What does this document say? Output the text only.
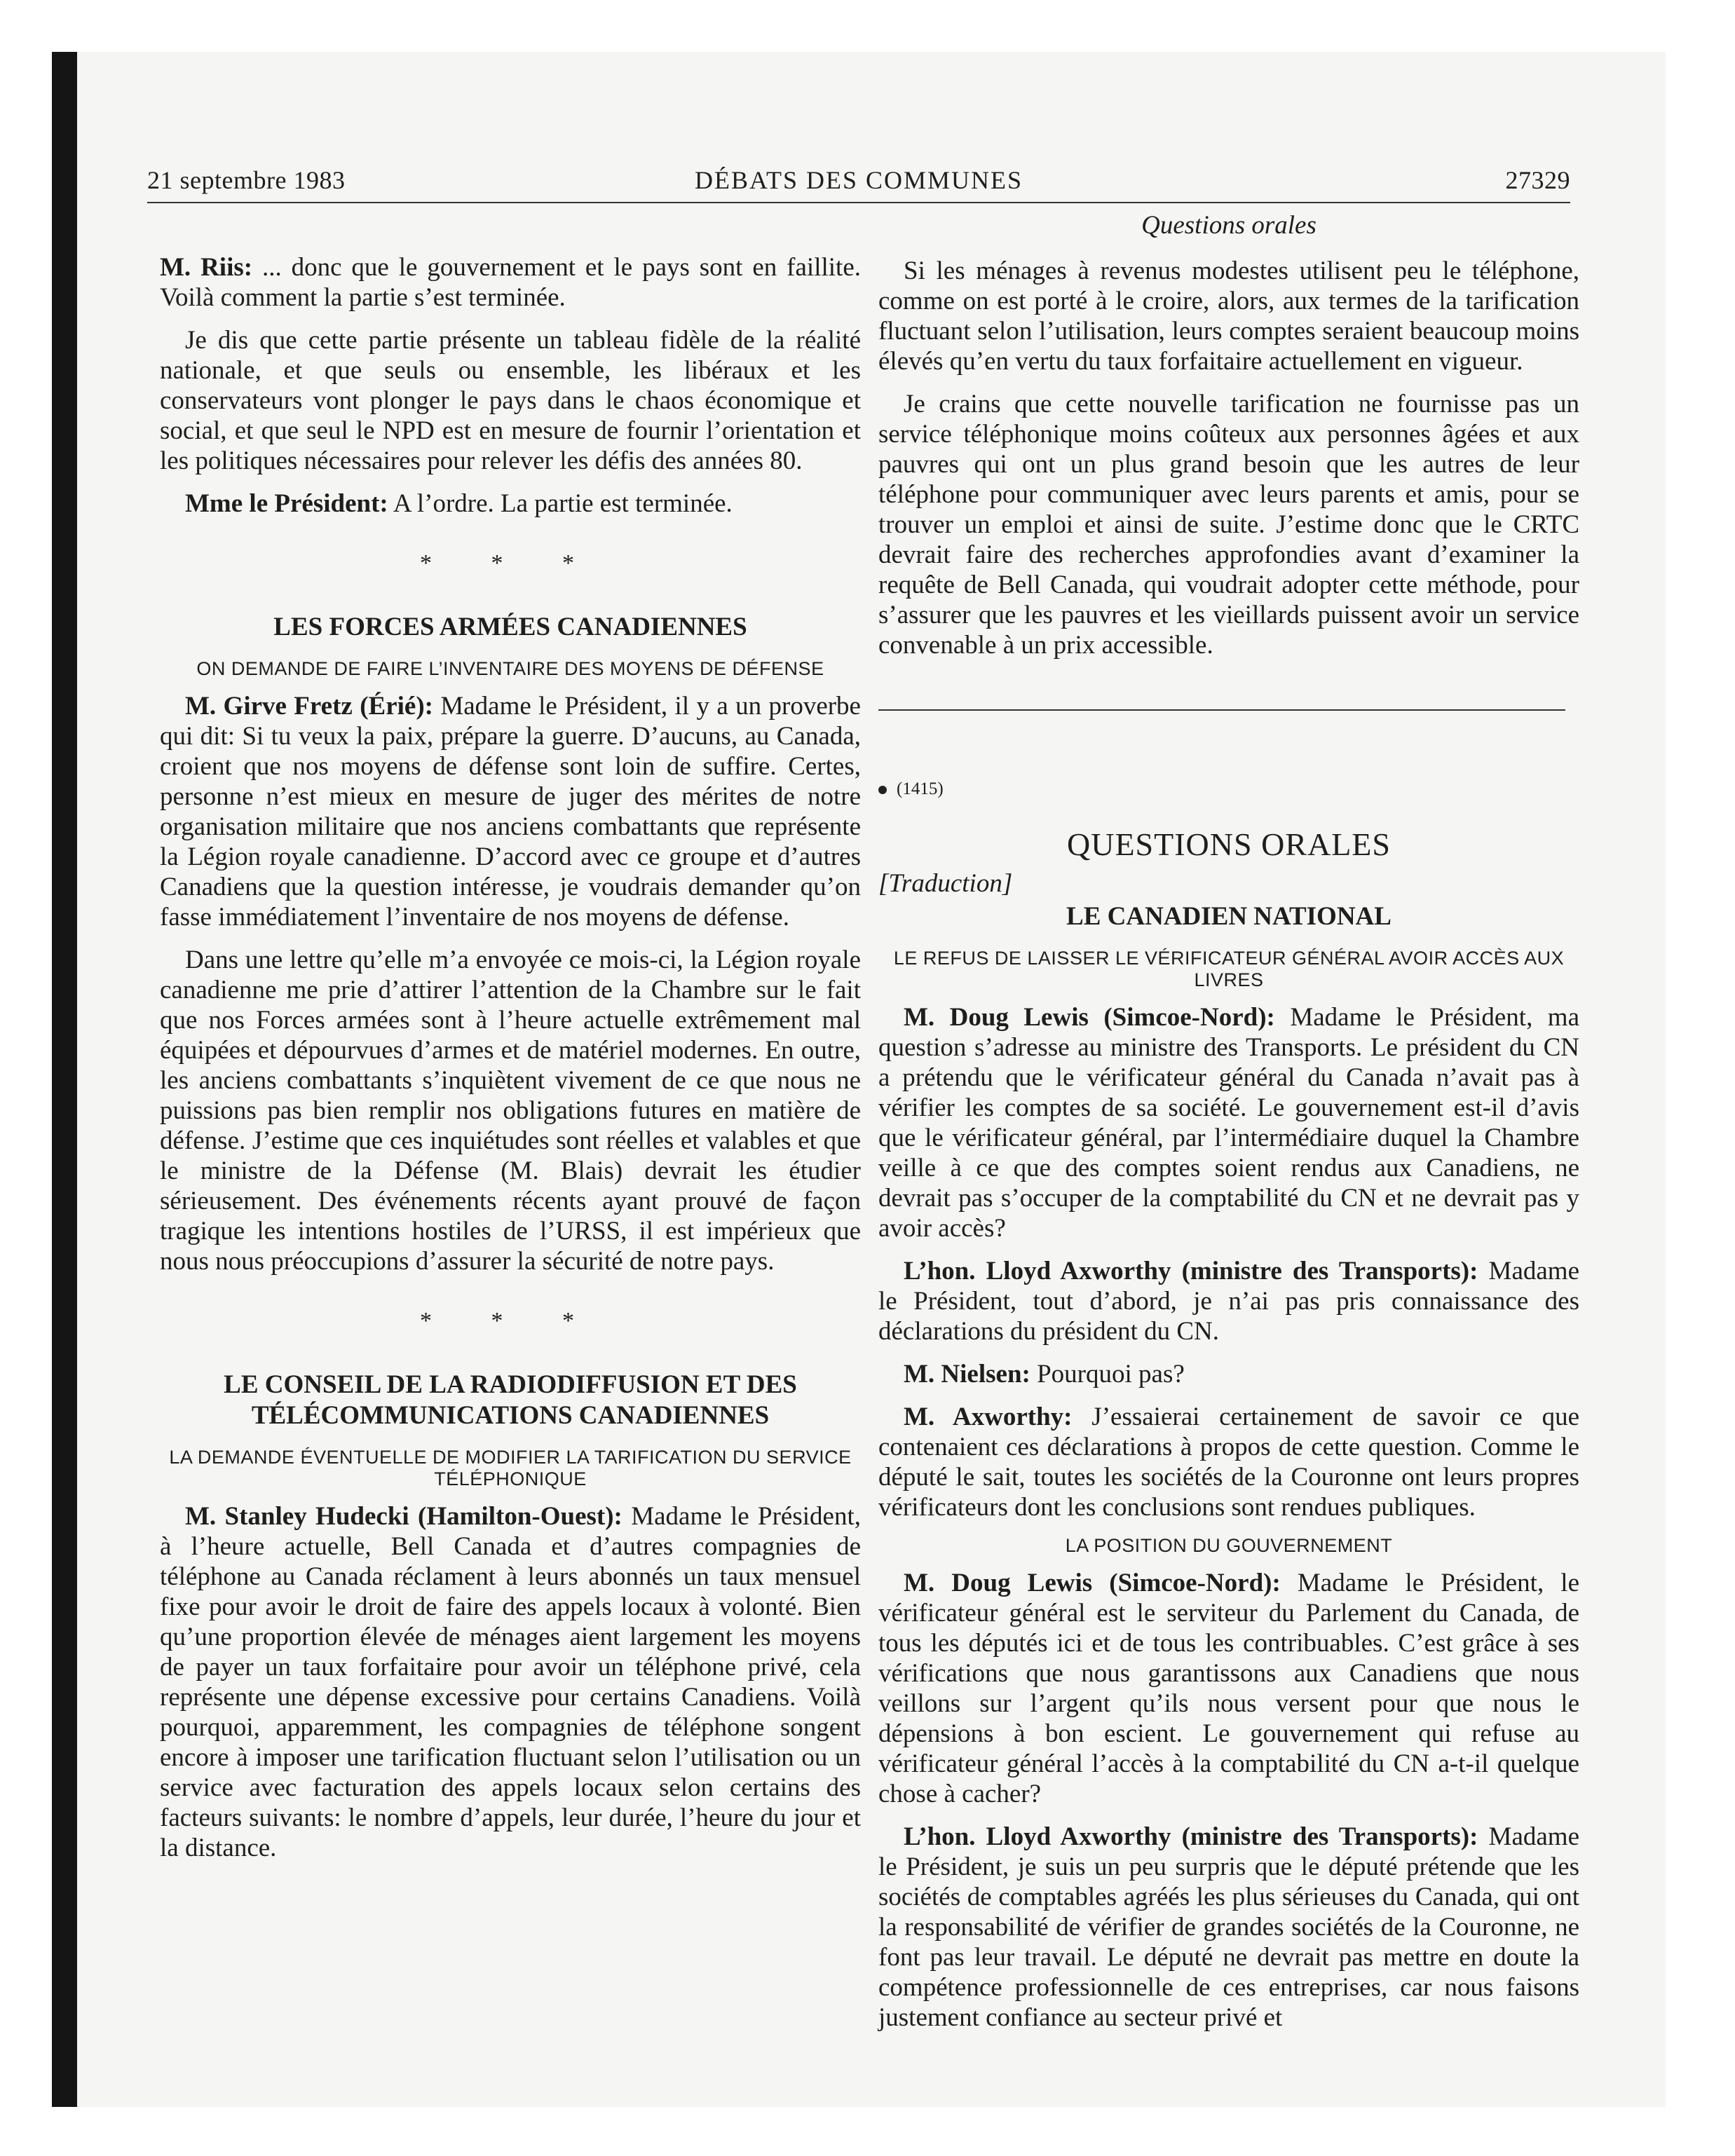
21 septembre 1983	DÉBATS DES COMMUNES	27329

M. Riis: ... donc que le gouvernement et le pays sont en faillite. Voilà comment la partie s’est terminée.

Je dis que cette partie présente un tableau fidèle de la réalité nationale, et que seuls ou ensemble, les libéraux et les conservateurs vont plonger le pays dans le chaos économique et social, et que seul le NPD est en mesure de fournir l’orientation et les politiques nécessaires pour relever les défis des années 80.

Mme le Président: A l’ordre. La partie est terminée.

* * *
LES FORCES ARMÉES CANADIENNES
ON DEMANDE DE FAIRE L’INVENTAIRE DES MOYENS DE DÉFENSE

M. Girve Fretz (Érié): Madame le Président, il y a un proverbe qui dit: Si tu veux la paix, prépare la guerre. D’aucuns, au Canada, croient que nos moyens de défense sont loin de suffire. Certes, personne n’est mieux en mesure de juger des mérites de notre organisation militaire que nos anciens combattants que représente la Légion royale canadienne. D’accord avec ce groupe et d’autres Canadiens que la question intéresse, je voudrais demander qu’on fasse immédiatement l’inventaire de nos moyens de défense.

Dans une lettre qu’elle m’a envoyée ce mois-ci, la Légion royale canadienne me prie d’attirer l’attention de la Chambre sur le fait que nos Forces armées sont à l’heure actuelle extrêmement mal équipées et dépourvues d’armes et de matériel modernes. En outre, les anciens combattants s’inquiètent vivement de ce que nous ne puissions pas bien remplir nos obligations futures en matière de défense. J’estime que ces inquiétudes sont réelles et valables et que le ministre de la Défense (M. Blais) devrait les étudier sérieusement. Des événements récents ayant prouvé de façon tragique les intentions hostiles de l’URSS, il est impérieux que nous nous préoccupions d’assurer la sécurité de notre pays.

* * *
LE CONSEIL DE LA RADIODIFFUSION ET DES TÉLÉCOMMUNICATIONS CANADIENNES
LA DEMANDE ÉVENTUELLE DE MODIFIER LA TARIFICATION DU SERVICE TÉLÉPHONIQUE

M. Stanley Hudecki (Hamilton-Ouest): Madame le Président, à l’heure actuelle, Bell Canada et d’autres compagnies de téléphone au Canada réclament à leurs abonnés un taux mensuel fixe pour avoir le droit de faire des appels locaux à volonté. Bien qu’une proportion élevée de ménages aient largement les moyens de payer un taux forfaitaire pour avoir un téléphone privé, cela représente une dépense excessive pour certains Canadiens. Voilà pourquoi, apparemment, les compagnies de téléphone songent encore à imposer une tarification fluctuant selon l’utilisation ou un service avec facturation des appels locaux selon certains des facteurs suivants: le nombre d’appels, leur durée, l’heure du jour et la distance.

Questions orales

Si les ménages à revenus modestes utilisent peu le téléphone, comme on est porté à le croire, alors, aux termes de la tarification fluctuant selon l’utilisation, leurs comptes seraient beaucoup moins élevés qu’en vertu du taux forfaitaire actuellement en vigueur.

Je crains que cette nouvelle tarification ne fournisse pas un service téléphonique moins coûteux aux personnes âgées et aux pauvres qui ont un plus grand besoin que les autres de leur téléphone pour communiquer avec leurs parents et amis, pour se trouver un emploi et ainsi de suite. J’estime donc que le CRTC devrait faire des recherches approfondies avant d’examiner la requête de Bell Canada, qui voudrait adopter cette méthode, pour s’assurer que les pauvres et les vieillards puissent avoir un service convenable à un prix accessible.

(1415)
QUESTIONS ORALES
[Traduction]
LE CANADIEN NATIONAL
LE REFUS DE LAISSER LE VÉRIFICATEUR GÉNÉRAL AVOIR ACCÈS AUX LIVRES

M. Doug Lewis (Simcoe-Nord): Madame le Président, ma question s’adresse au ministre des Transports. Le président du CN a prétendu que le vérificateur général du Canada n’avait pas à vérifier les comptes de sa société. Le gouvernement est-il d’avis que le vérificateur général, par l’intermédiaire duquel la Chambre veille à ce que des comptes soient rendus aux Canadiens, ne devrait pas s’occuper de la comptabilité du CN et ne devrait pas y avoir accès?

L’hon. Lloyd Axworthy (ministre des Transports): Madame le Président, tout d’abord, je n’ai pas pris connaissance des déclarations du président du CN.

M. Nielsen: Pourquoi pas?

M. Axworthy: J’essaierai certainement de savoir ce que contenaient ces déclarations à propos de cette question. Comme le député le sait, toutes les sociétés de la Couronne ont leurs propres vérificateurs dont les conclusions sont rendues publiques.

LA POSITION DU GOUVERNEMENT

M. Doug Lewis (Simcoe-Nord): Madame le Président, le vérificateur général est le serviteur du Parlement du Canada, de tous les députés ici et de tous les contribuables. C’est grâce à ses vérifications que nous garantissons aux Canadiens que nous veillons sur l’argent qu’ils nous versent pour que nous le dépensions à bon escient. Le gouvernement qui refuse au vérificateur général l’accès à la comptabilité du CN a-t-il quelque chose à cacher?

L’hon. Lloyd Axworthy (ministre des Transports): Madame le Président, je suis un peu surpris que le député prétende que les sociétés de comptables agréés les plus sérieuses du Canada, qui ont la responsabilité de vérifier de grandes sociétés de la Couronne, ne font pas leur travail. Le député ne devrait pas mettre en doute la compétence professionnelle de ces entreprises, car nous faisons justement confiance au secteur privé et
